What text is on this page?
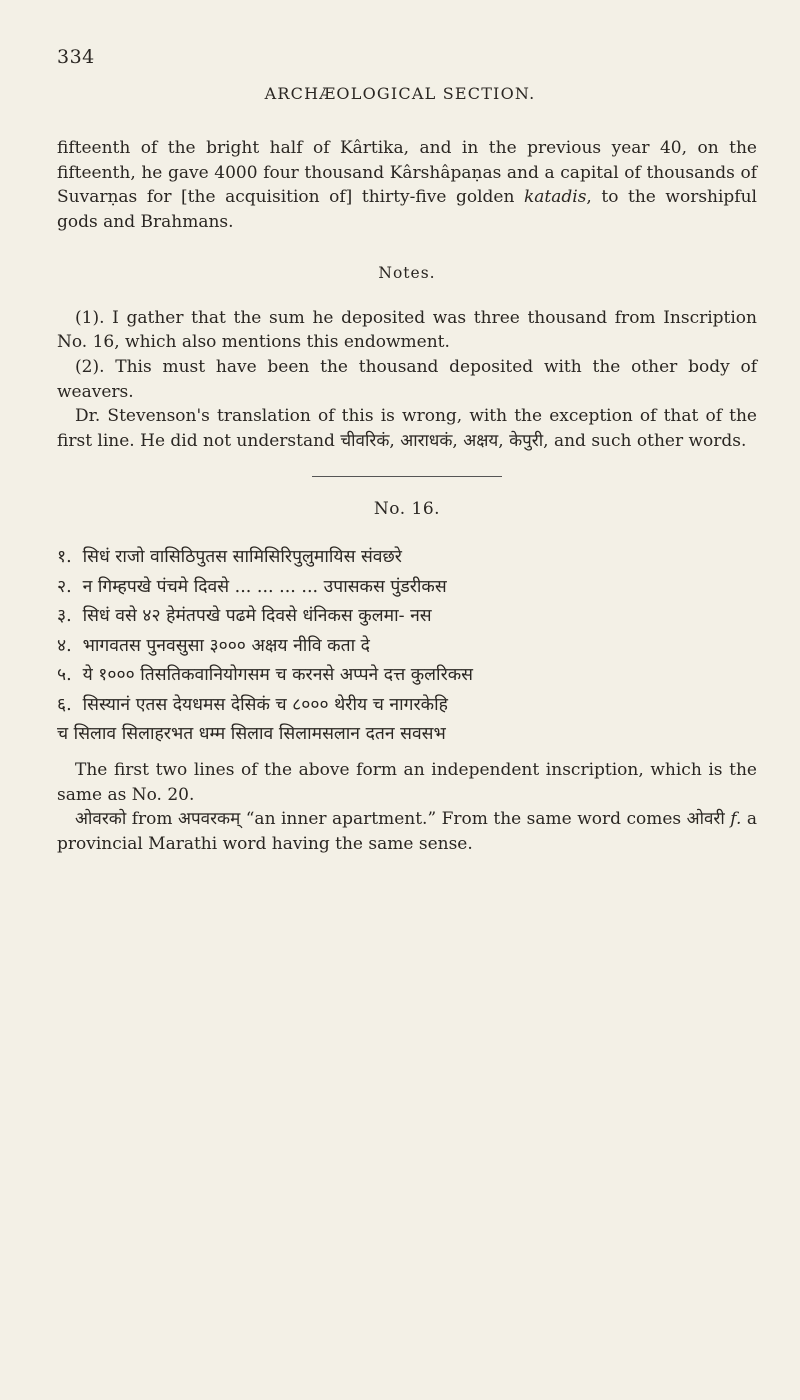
334
ARCHÆOLOGICAL SECTION.

fifteenth of the bright half of Kârtika, and in the previous year 40, on the fifteenth, he gave 4000 four thousand Kârshâpaṇas and a capital of thousands of Suvarṇas for [the acquisition of] thirty-five golden katadis, to the worshipful gods and Brahmans.

Notes.

(1). I gather that the sum he deposited was three thousand from Inscription No. 16, which also mentions this endowment.

(2). This must have been the thousand deposited with the other body of weavers.

Dr. Stevenson's translation of this is wrong, with the exception of that of the first line. He did not understand चीवरिकं, आराधकं, अक्षय, केपुरी, and such other words.

No. 16.

१. सिधं राजो वासिठिपुतस सामिसिरिपुलुमायिस संवछरे

२. न गिम्हपखे पंचमे दिवसे ... ... ... ... उपासकस पुंडरीकस

३. सिधं वसे ४२ हेमंतपखे पढमे दिवसे धंनिकस कुलमा- नस

४. भागवतस पुनवसुसा ३००० अक्षय नीवि कता दे

५. ये १००० तिसतिकवानियोगसम च करनसे अप्पने दत्त कुलरिकस

६. सिस्यानं एतस देयधमस देसिकं च ८००० थेरीय च नागरकेहि

च सिलाव सिलाहरभत धम्म सिलाव सिलामसलान दतन सवसभ

The first two lines of the above form an independent inscription, which is the same as No. 20.

ओवरको from अपवरकम् “an inner apartment.” From the same word comes ओवरी f. a provincial Marathi word having the same sense.
